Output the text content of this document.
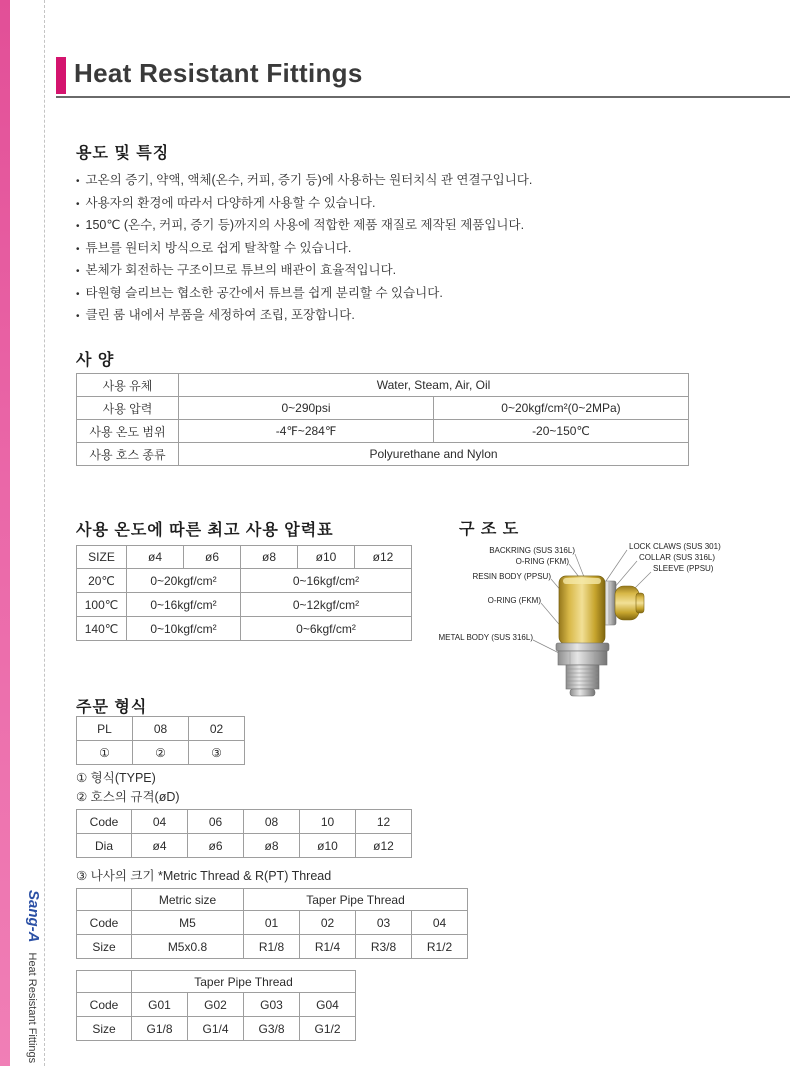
Heat Resistant Fittings
용도 및 특징
• 고온의 증기, 약액, 액체(온수, 커피, 증기 등)에 사용하는 원터치식 관 연결구입니다.
• 사용자의 환경에 따라서 다양하게 사용할 수 있습니다.
• 150℃ (온수, 커피, 증기 등)까지의 사용에 적합한 제품 재질로 제작된 제품입니다.
• 튜브를 원터치 방식으로 쉽게 탈착할 수 있습니다.
• 본체가 회전하는 구조이므로 튜브의 배관이 효율적입니다.
• 타원형 슬리브는 협소한 공간에서 튜브를 쉽게 분리할 수 있습니다.
• 클린 룸 내에서 부품을 세정하여 조립, 포장합니다.
사 양
사용 유체	Water, Steam, Air, Oil	
사용 압력	0~290psi	0~20kgf/cm²(0~2MPa)
사용 온도 범위	-4℉~284℉	-20~150℃
사용 호스 종류	Polyurethane and Nylon	
사용 온도에 따른 최고 사용 압력표
SIZE	ø4	ø6	ø8	ø10	ø12
20℃	0~20kgf/cm²		0~16kgf/cm²		
100℃	0~16kgf/cm²		0~12kgf/cm²		
140℃	0~10kgf/cm²		0~6kgf/cm²		
구 조 도
BACKRING (SUS 316L)
O-RING (FKM)
RESIN BODY (PPSU)
O-RING (FKM)
METAL BODY (SUS 316L)
LOCK CLAWS (SUS 301)
COLLAR (SUS 316L)
SLEEVE (PPSU)
주문 형식
PL	08	02
①	②	③
① 형식(TYPE)
② 호스의 규격(øD)
Code	04	06	08	10	12
Dia	ø4	ø6	ø8	ø10	ø12
③ 나사의 크기 *Metric Thread & R(PT) Thread
	Metric size	Taper Pipe Thread			
Code	M5	01	02	03	04
Size	M5x0.8	R1/8	R1/4	R3/8	R1/2
	Taper Pipe Thread			
Code	G01	G02	G03	G04
Size	G1/8	G1/4	G3/8	G1/2
Sang-AHeat Resistant Fittings
